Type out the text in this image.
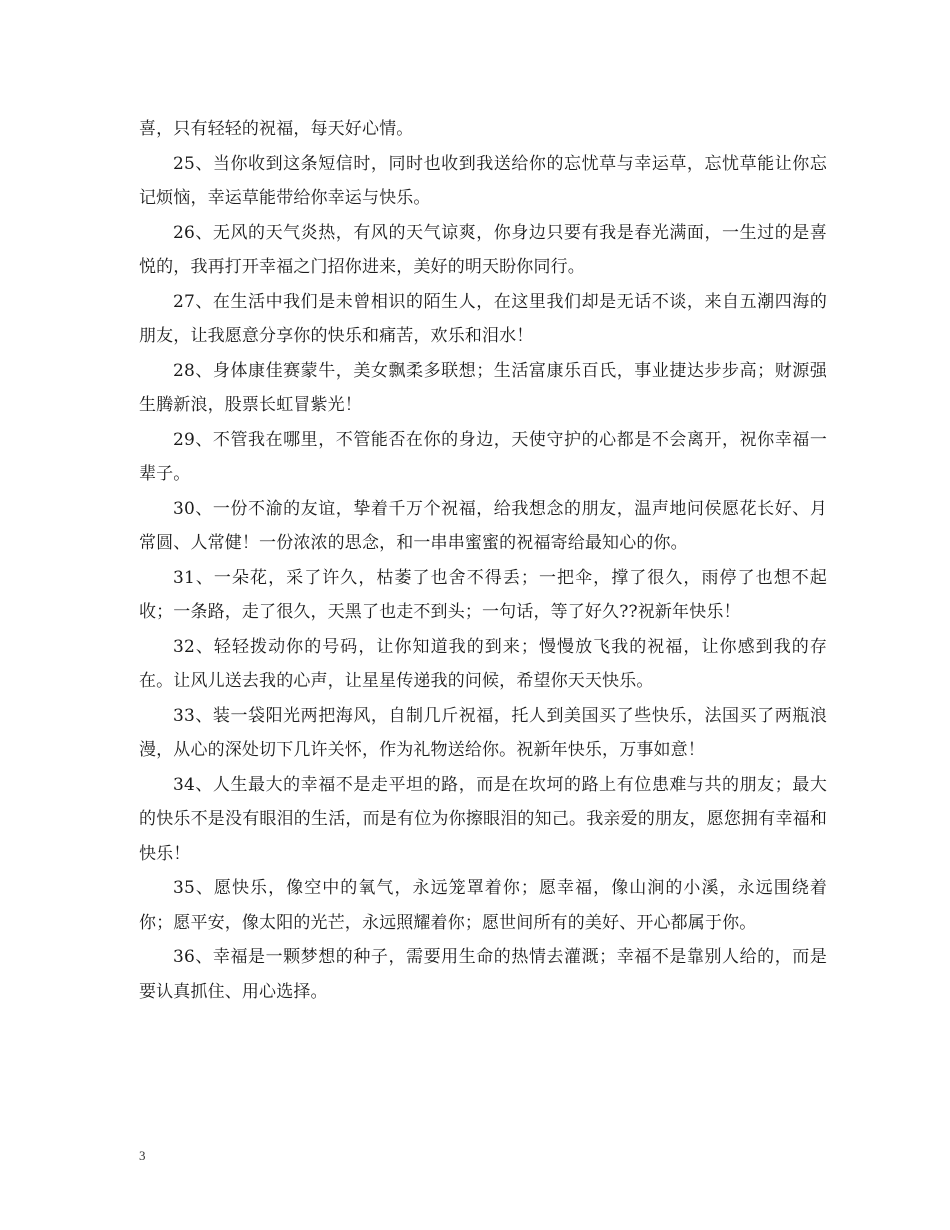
喜，只有轻轻的祝福，每天好心情。

25、当你收到这条短信时，同时也收到我送给你的忘忧草与幸运草，忘忧草能让你忘记烦恼，幸运草能带给你幸运与快乐。

26、无风的天气炎热，有风的天气谅爽，你身边只要有我是春光满面，一生过的是喜悦的，我再打开幸福之门招你进来，美好的明天盼你同行。

27、在生活中我们是未曾相识的陌生人，在这里我们却是无话不谈，来自五潮四海的朋友，让我愿意分享你的快乐和痛苦，欢乐和泪水！

28、身体康佳赛蒙牛，美女飘柔多联想；生活富康乐百氏，事业捷达步步高；财源强生腾新浪，股票长虹冒紫光！

29、不管我在哪里，不管能否在你的身边，天使守护的心都是不会离开，祝你幸福一辈子。

30、一份不渝的友谊，挚着千万个祝福，给我想念的朋友，温声地问侯愿花长好、月常圆、人常健！一份浓浓的思念，和一串串蜜蜜的祝福寄给最知心的你。

31、一朵花，采了许久，枯萎了也舍不得丢；一把伞，撑了很久，雨停了也想不起收；一条路，走了很久，天黑了也走不到头；一句话，等了好久??祝新年快乐！

32、轻轻拨动你的号码，让你知道我的到来；慢慢放飞我的祝福，让你感到我的存在。让风儿送去我的心声，让星星传递我的问候，希望你天天快乐。

33、装一袋阳光两把海风，自制几斤祝福，托人到美国买了些快乐，法国买了两瓶浪漫，从心的深处切下几许关怀，作为礼物送给你。祝新年快乐，万事如意！

34、人生最大的幸福不是走平坦的路，而是在坎坷的路上有位患难与共的朋友；最大的快乐不是没有眼泪的生活，而是有位为你擦眼泪的知己。我亲爱的朋友，愿您拥有幸福和快乐！

35、愿快乐，像空中的氧气，永远笼罩着你；愿幸福，像山涧的小溪，永远围绕着你；愿平安，像太阳的光芒，永远照耀着你；愿世间所有的美好、开心都属于你。

36、幸福是一颗梦想的种子，需要用生命的热情去灌溉；幸福不是靠别人给的，而是要认真抓住、用心选择。

3
